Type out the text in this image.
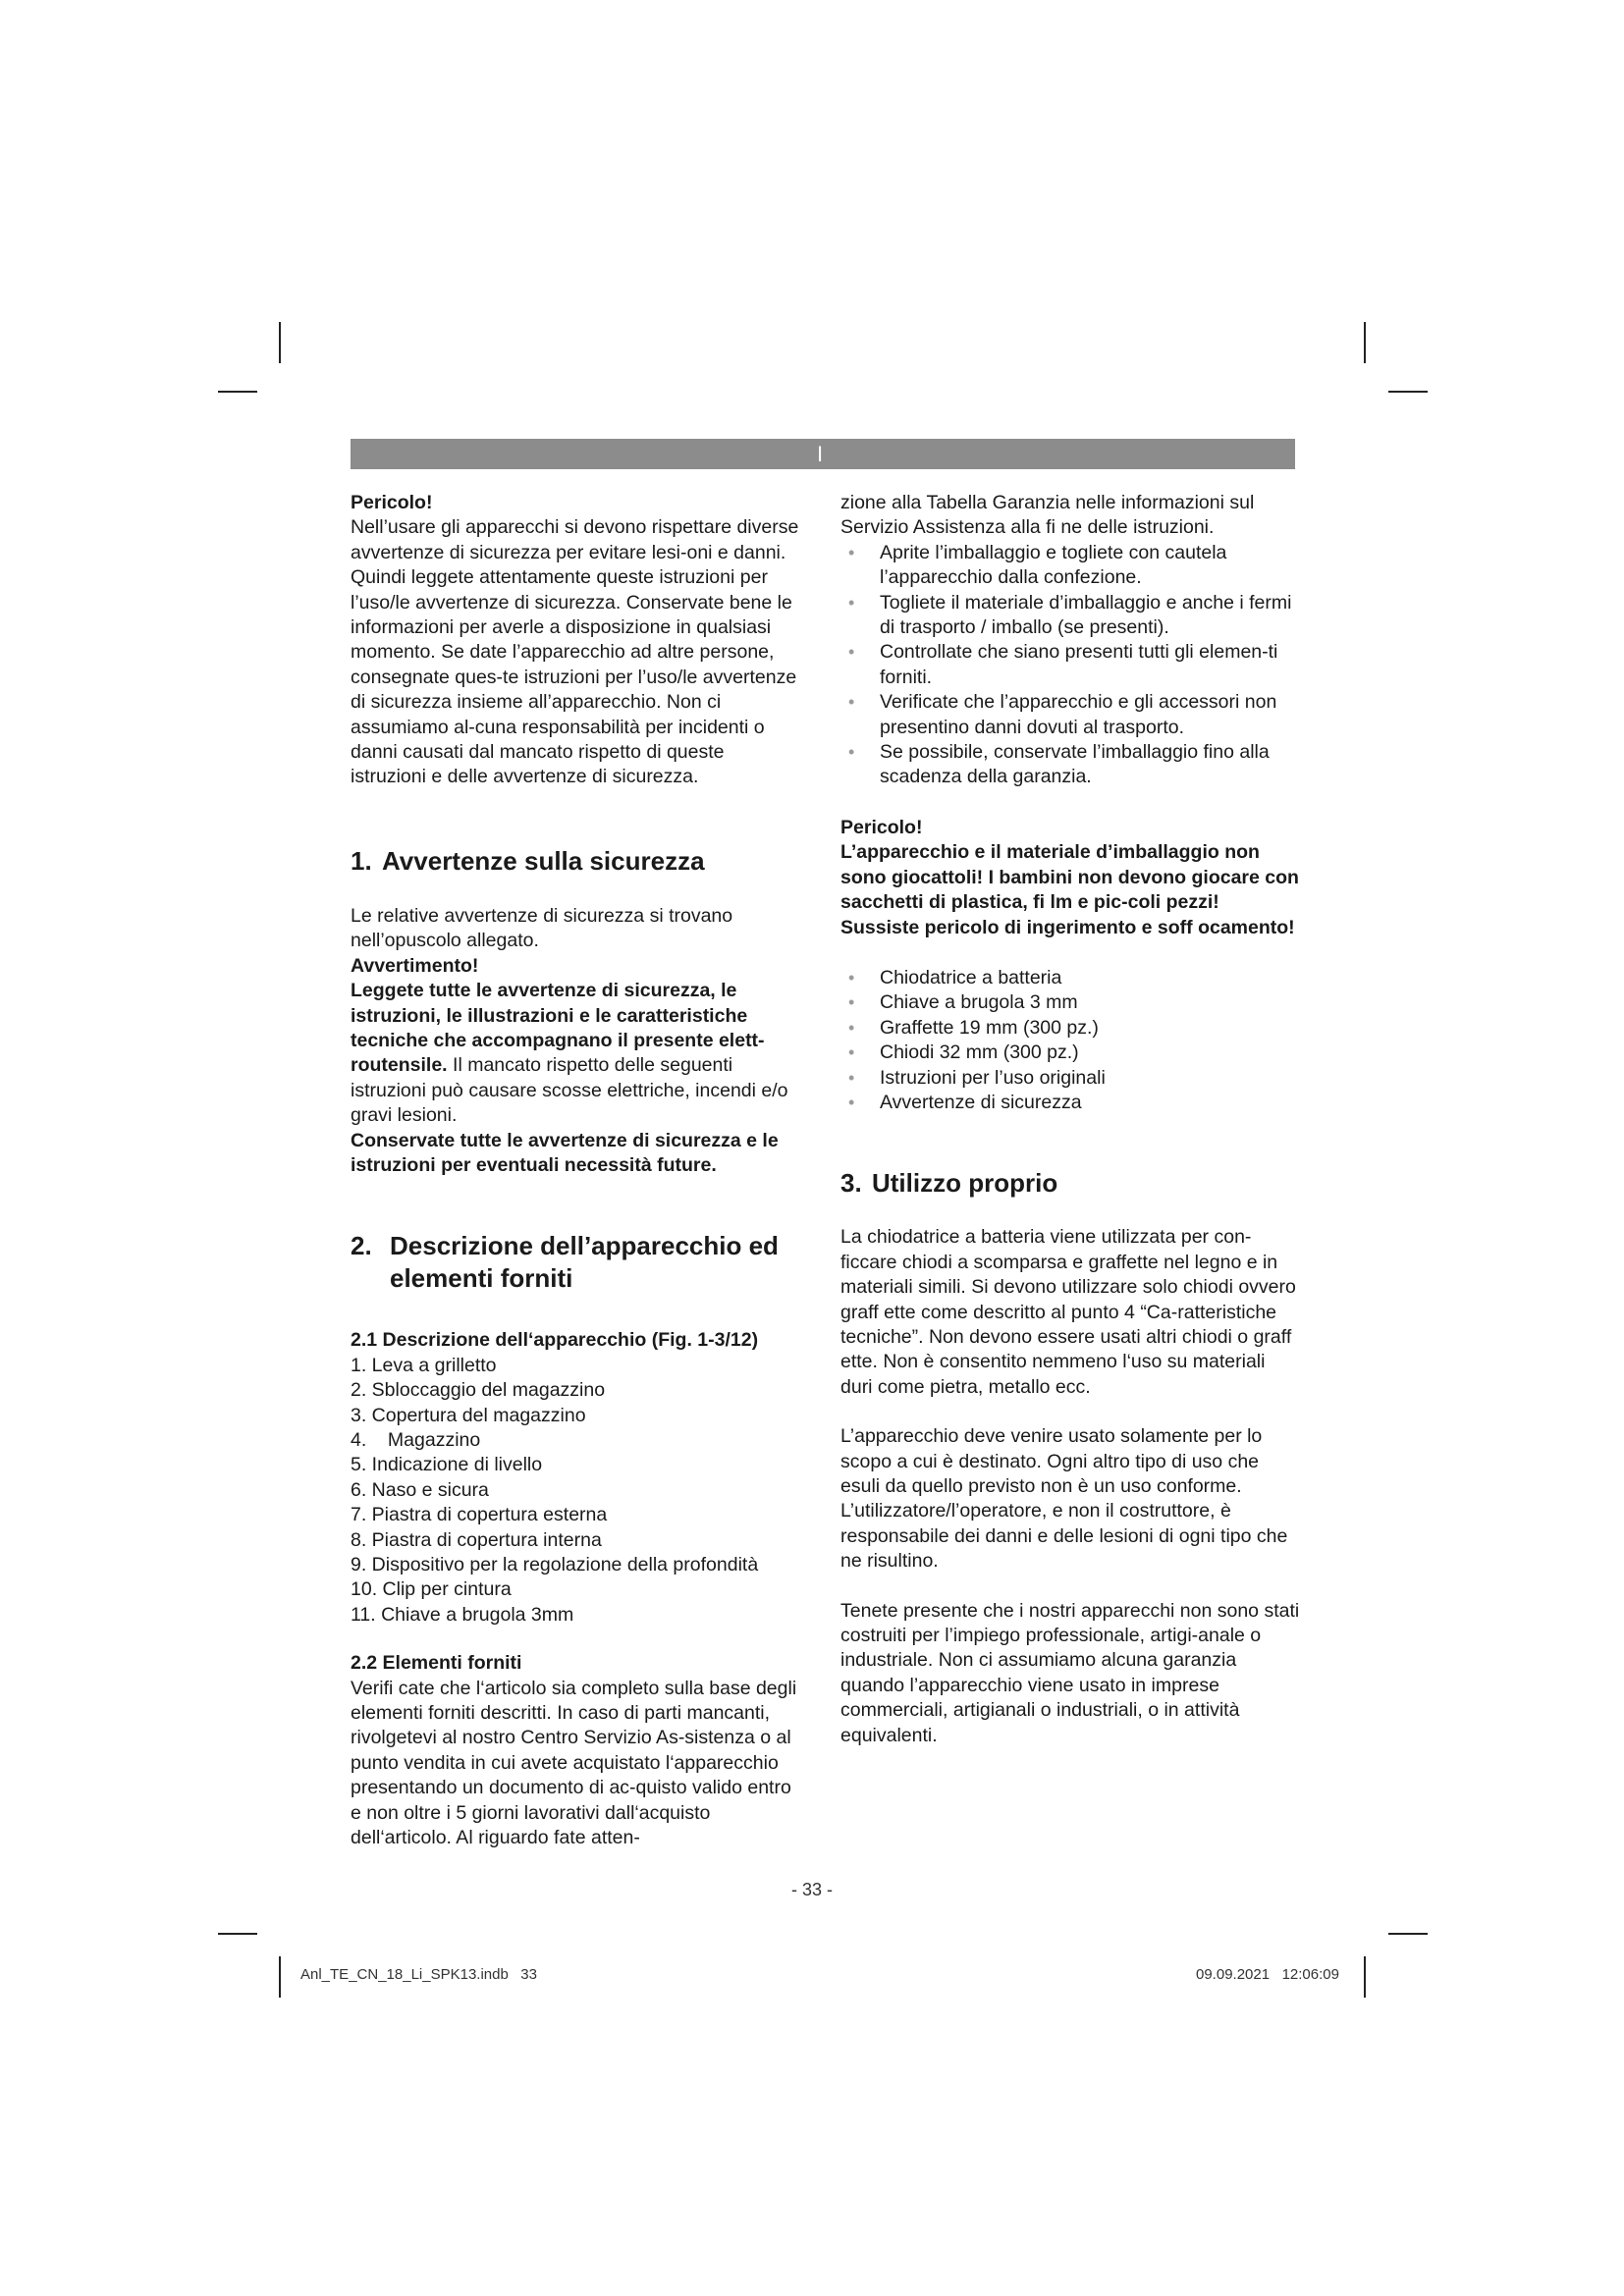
I

Pericolo!

Nell’usare gli apparecchi si devono rispettare diverse avvertenze di sicurezza per evitare lesi-oni e danni. Quindi leggete attentamente queste istruzioni per l’uso/le avvertenze di sicurezza. Conservate bene le informazioni per averle a disposizione in qualsiasi momento. Se date l’apparecchio ad altre persone, consegnate ques-te istruzioni per l’uso/le avvertenze di sicurezza insieme all’apparecchio. Non ci assumiamo al-cuna responsabilità per incidenti o danni causati dal mancato rispetto di queste istruzioni e delle avvertenze di sicurezza.

1. Avvertenze sulla sicurezza

Le relative avvertenze di sicurezza si trovano nell’opuscolo allegato.

Avvertimento!

Leggete tutte le avvertenze di sicurezza, le istruzioni, le illustrazioni e le caratteristiche tecniche che accompagnano il presente elett-routensile. Il mancato rispetto delle seguenti istruzioni può causare scosse elettriche, incendi e/o gravi lesioni.

Conservate tutte le avvertenze di sicurezza e le istruzioni per eventuali necessità future.

2. Descrizione dell’apparecchio ed elementi forniti
2.1 Descrizione dell‘apparecchio (Fig. 1-3/12)
1. Leva a grilletto
2. Sbloccaggio del magazzino
3. Copertura del magazzino
4.    Magazzino
5. Indicazione di livello
6. Naso e sicura
7. Piastra di copertura esterna
8. Piastra di copertura interna
9. Dispositivo per la regolazione della profondità
10. Clip per cintura
11. Chiave a brugola 3mm
2.2 Elementi forniti

Verifi cate che l‘articolo sia completo sulla base degli elementi forniti descritti. In caso di parti mancanti, rivolgetevi al nostro Centro Servizio As-sistenza o al punto vendita in cui avete acquistato l‘apparecchio presentando un documento di ac-quisto valido entro e non oltre i 5 giorni lavorativi dall‘acquisto dell‘articolo. Al riguardo fate atten-

zione alla Tabella Garanzia nelle informazioni sul Servizio Assistenza alla fi ne delle istruzioni.

• Aprite l’imballaggio e togliete con cautela l’apparecchio dalla confezione.
• Togliete il materiale d’imballaggio e anche i fermi di trasporto / imballo (se presenti).
• Controllate che siano presenti tutti gli elemen-ti forniti.
• Verificate che l’apparecchio e gli accessori non presentino danni dovuti al trasporto.
• Se possibile, conservate l’imballaggio fino alla scadenza della garanzia.

Pericolo!

L’apparecchio e il materiale d’imballaggio non sono giocattoli! I bambini non devono giocare con sacchetti di plastica, fi lm e pic-coli pezzi! Sussiste pericolo di ingerimento e soff ocamento!

• Chiodatrice a batteria
• Chiave a brugola 3 mm
• Graffette 19 mm (300 pz.)
• Chiodi 32 mm (300 pz.)
• Istruzioni per l’uso originali
• Avvertenze di sicurezza
3. Utilizzo proprio

La chiodatrice a batteria viene utilizzata per con-ficcare chiodi a scomparsa e graffette nel legno e in materiali simili. Si devono utilizzare solo chiodi ovvero graff ette come descritto al punto 4 “Ca-ratteristiche tecniche”. Non devono essere usati altri chiodi o graff ette. Non è consentito nemmeno l‘uso su materiali duri come pietra, metallo ecc.

L’apparecchio deve venire usato solamente per lo scopo a cui è destinato. Ogni altro tipo di uso che esuli da quello previsto non è un uso conforme. L’utilizzatore/l’operatore, e non il costruttore, è responsabile dei danni e delle lesioni di ogni tipo che ne risultino.

Tenete presente che i nostri apparecchi non sono stati costruiti per l’impiego professionale, artigi-anale o industriale. Non ci assumiamo alcuna garanzia quando l’apparecchio viene usato in imprese commerciali, artigianali o industriali, o in attività equivalenti.

- 33 -
Anl_TE_CN_18_Li_SPK13.indb   33	09.09.2021   12:06:09
